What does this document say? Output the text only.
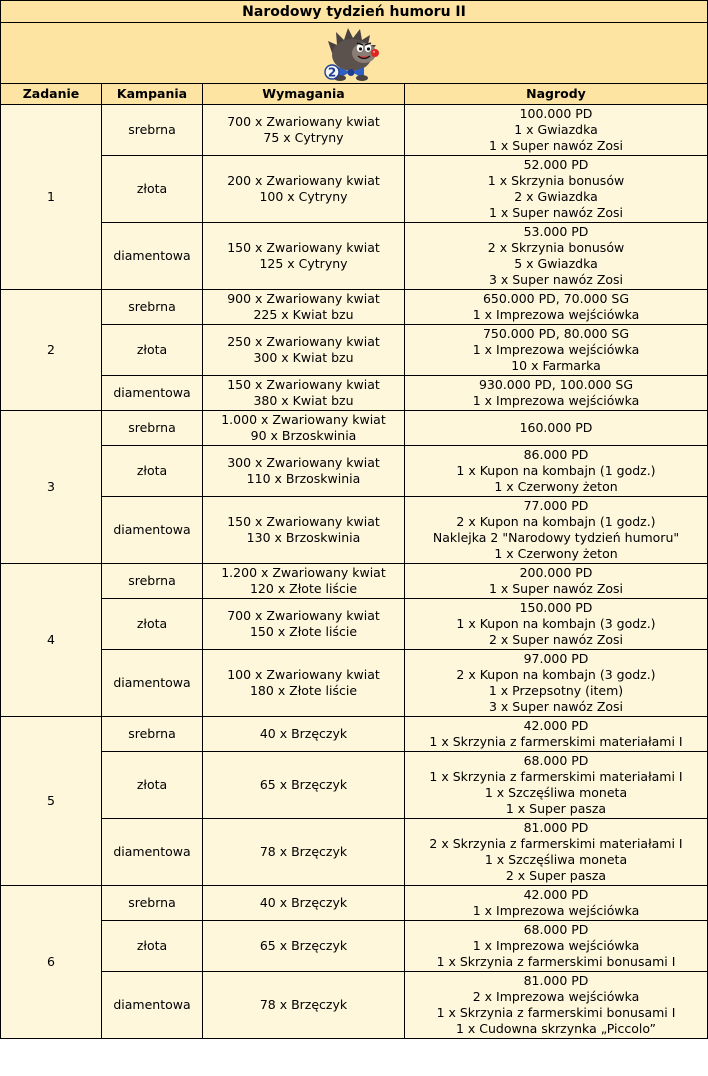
Narodowy tydzień humoru II			

2			

Zadanie	Kampania	Wymagania	Nagrody
1	srebrna	700 x Zwariowany kwiat
75 x Cytryny	100.000 PD
1 x Gwiazdka
1 x Super nawóz Zosi

	złota	200 x Zwariowany kwiat
100 x Cytryny	52.000 PD
1 x Skrzynia bonusów
2 x Gwiazdka
1 x Super nawóz Zosi

	diamentowa	150 x Zwariowany kwiat
125 x Cytryny	53.000 PD
2 x Skrzynia bonusów
5 x Gwiazdka
3 x Super nawóz Zosi

2	srebrna	900 x Zwariowany kwiat
225 x Kwiat bzu	650.000 PD, 70.000 SG
1 x Imprezowa wejściówka

	złota	250 x Zwariowany kwiat
300 x Kwiat bzu	750.000 PD, 80.000 SG
1 x Imprezowa wejściówka
10 x Farmarka

	diamentowa	150 x Zwariowany kwiat
380 x Kwiat bzu	930.000 PD, 100.000 SG
1 x Imprezowa wejściówka

3	srebrna	1.000 x Zwariowany kwiat
90 x Brzoskwinia	160.000 PD

	złota	300 x Zwariowany kwiat
110 x Brzoskwinia	86.000 PD
1 x Kupon na kombajn (1 godz.)
1 x Czerwony żeton

	diamentowa	150 x Zwariowany kwiat
130 x Brzoskwinia	77.000 PD
2 x Kupon na kombajn (1 godz.)
Naklejka 2 "Narodowy tydzień humoru"
1 x Czerwony żeton

4	srebrna	1.200 x Zwariowany kwiat
120 x Złote liście	200.000 PD
1 x Super nawóz Zosi

	złota	700 x Zwariowany kwiat
150 x Złote liście	150.000 PD
1 x Kupon na kombajn (3 godz.)
2 x Super nawóz Zosi

	diamentowa	100 x Zwariowany kwiat
180 x Złote liście	97.000 PD
2 x Kupon na kombajn (3 godz.)
1 x Przepsotny (item)
3 x Super nawóz Zosi

5	srebrna	40 x Brzęczyk	42.000 PD
1 x Skrzynia z farmerskimi materiałami I

	złota	65 x Brzęczyk	68.000 PD
1 x Skrzynia z farmerskimi materiałami I
1 x Szczęśliwa moneta
1 x Super pasza

	diamentowa	78 x Brzęczyk	81.000 PD
2 x Skrzynia z farmerskimi materiałami I
1 x Szczęśliwa moneta
2 x Super pasza

6	srebrna	40 x Brzęczyk	42.000 PD
1 x Imprezowa wejściówka

	złota	65 x Brzęczyk	68.000 PD
1 x Imprezowa wejściówka
1 x Skrzynia z farmerskimi bonusami I

	diamentowa	78 x Brzęczyk	81.000 PD
2 x Imprezowa wejściówka
1 x Skrzynia z farmerskimi bonusami I
1 x Cudowna skrzynka „Piccolo”
